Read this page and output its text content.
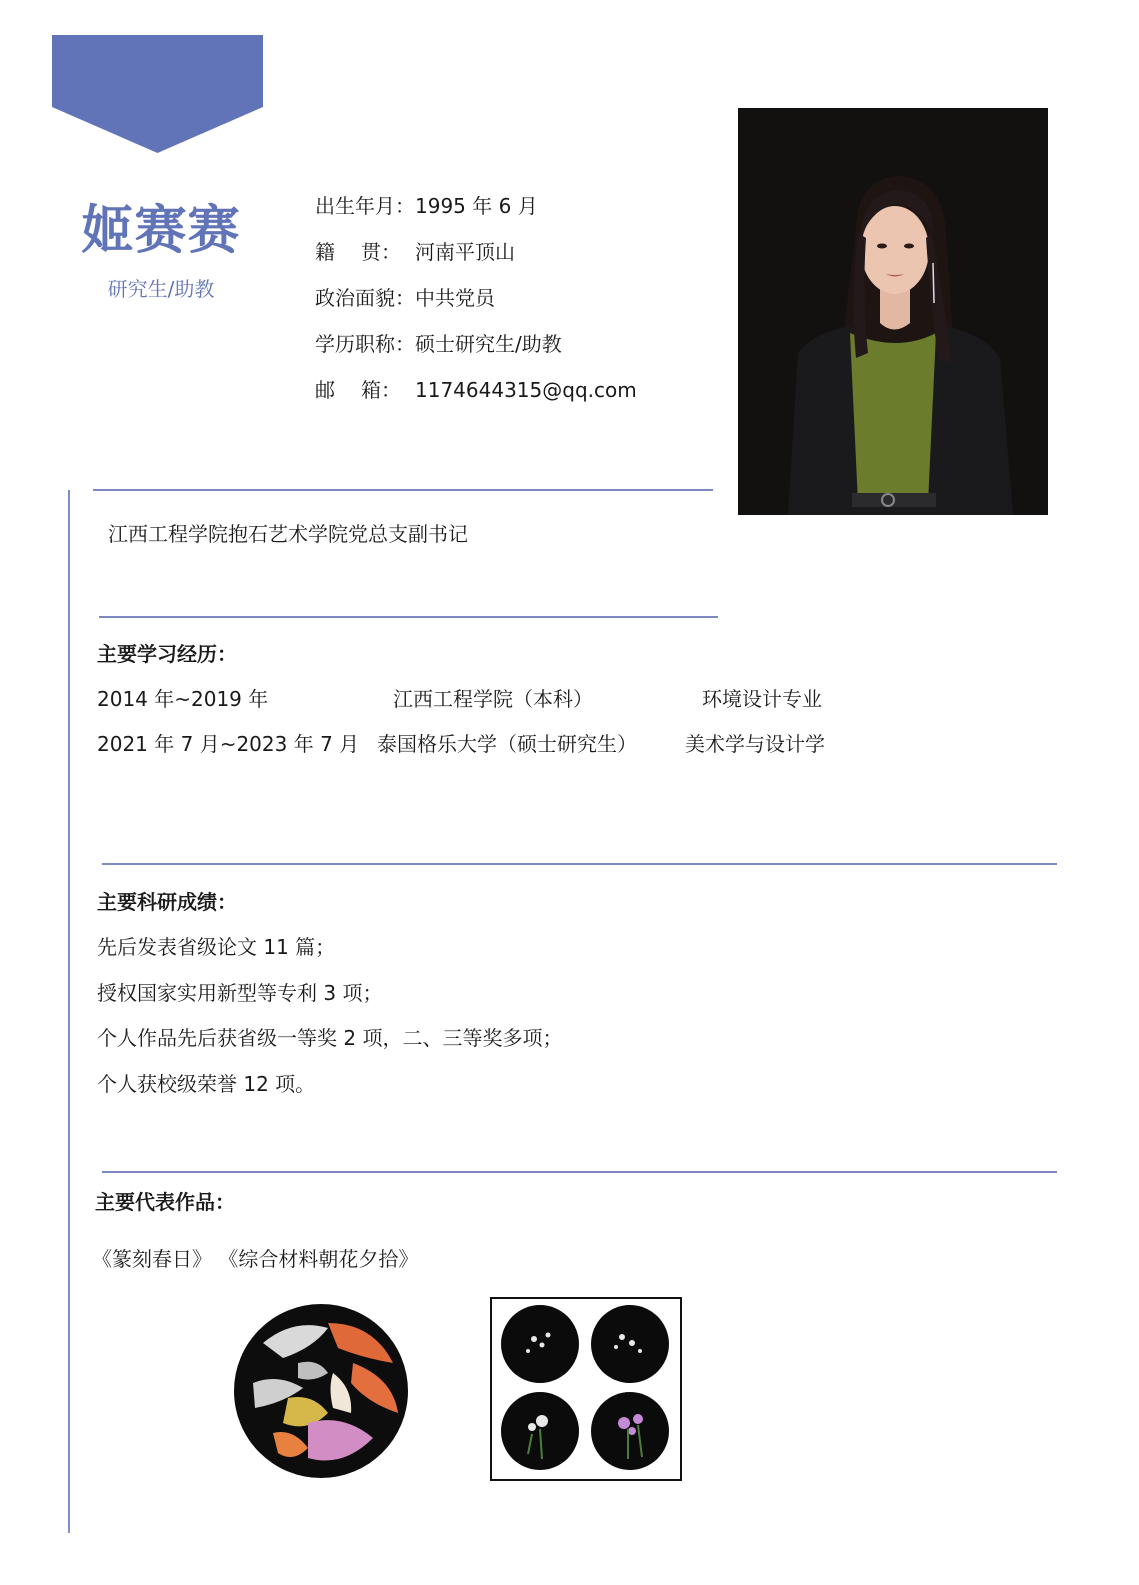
姬赛赛
研究生/助教
出生年月： 1995 年 6 月
籍 贯： 河南平顶山
政治面貌： 中共党员
学历职称： 硕士研究生/助教
邮 箱： 1174644315@qq.com
江西工程学院抱石艺术学院党总支副书记
主要学习经历：
2014 年~2019 年	江西工程学院（本科）	环境设计专业
2021 年 7 月~2023 年 7 月 泰国格乐大学（硕士研究生） 美术学与设计学
主要科研成绩：
先后发表省级论文 11 篇；
授权国家实用新型等专利 3 项；
个人作品先后获省级一等奖 2 项，二、三等奖多项；
个人获校级荣誉 12 项。
主要代表作品：
《篆刻春日》 《综合材料朝花夕拾》
